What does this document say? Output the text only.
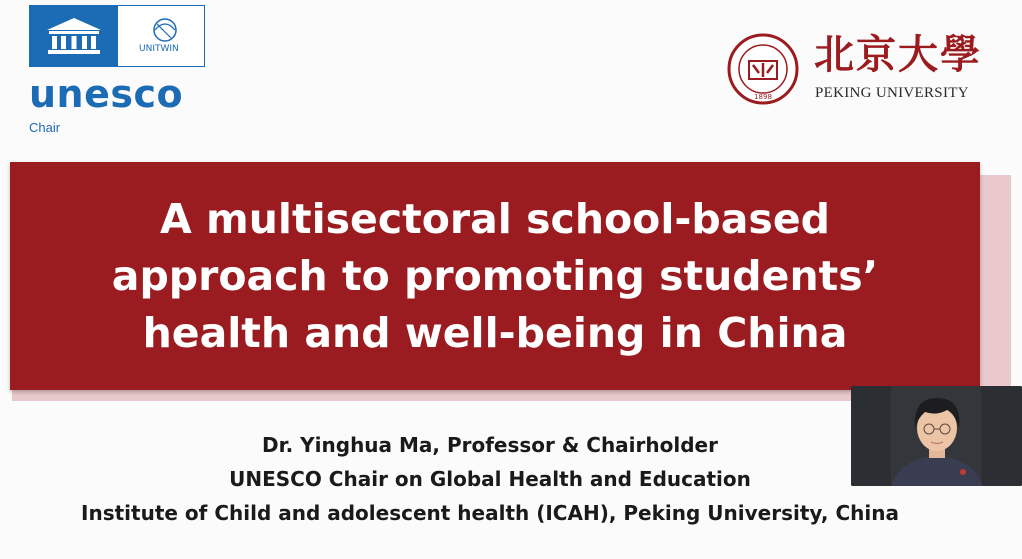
UNITWIN
unesco
Chair
1898
北京大學
PEKING UNIVERSITY
A multisectoral school-based
approach to promoting students’
health and well-being in China
Dr. Yinghua Ma, Professor & Chairholder
UNESCO Chair on Global Health and Education
Institute of Child and adolescent health (ICAH), Peking University, China
